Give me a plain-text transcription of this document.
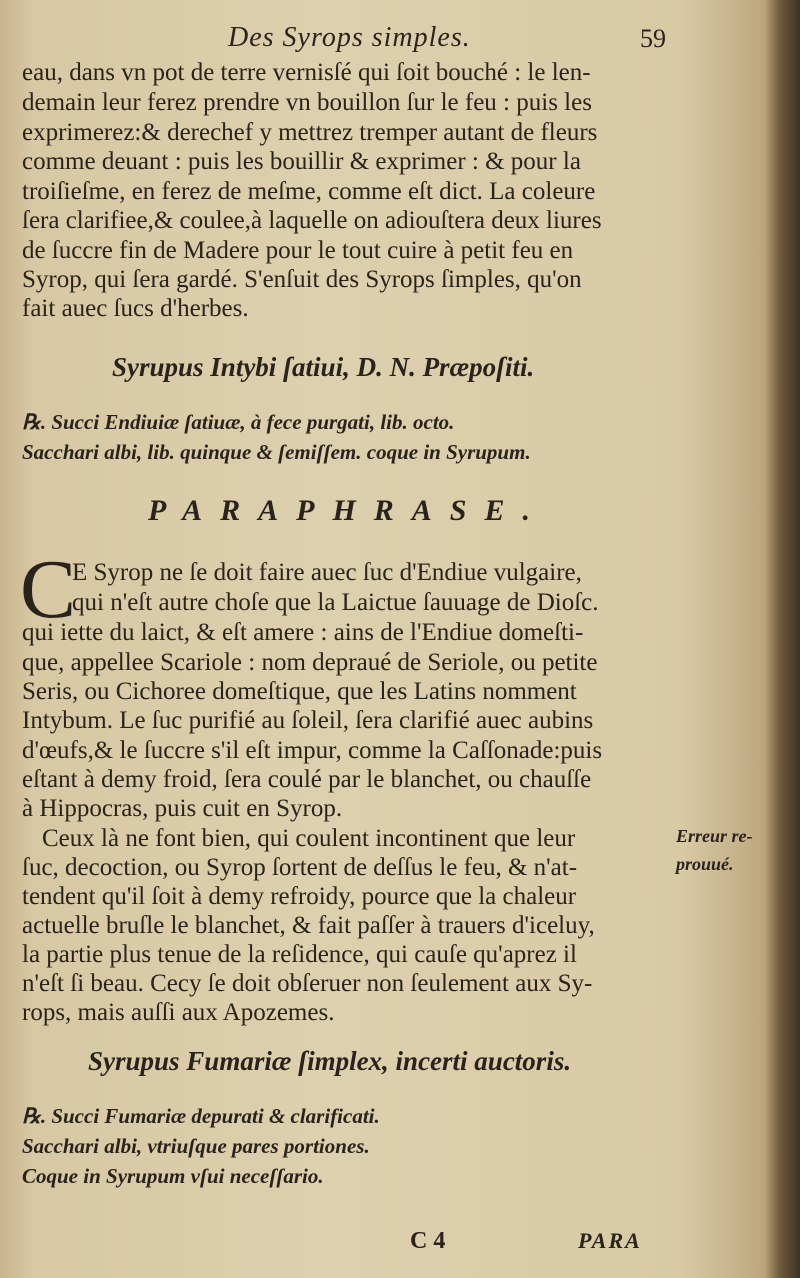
Des Syrops simples.	59
eau, dans vn pot de terre vernisſé qui ſoit bouché : le len-
demain leur ferez prendre vn bouillon ſur le feu : puis les
exprimerez:& derechef y mettrez tremper autant de fleurs
comme deuant : puis les bouillir & exprimer : & pour la
troiſieſme, en ferez de meſme, comme eſt dict. La coleure
ſera clarifiee,& coulee,à laquelle on adiouſtera deux liures
de ſuccre fin de Madere pour le tout cuire à petit feu en
Syrop, qui ſera gardé. S'enſuit des Syrops ſimples, qu'on
fait auec ſucs d'herbes.
Syrupus Intybi ſatiui, D. N. Præpoſiti.
℞. Succi Endiuiæ ſatiuæ, à fece purgati, lib. octo.
Sacchari albi, lib. quinque & ſemiſſem. coque in Syrupum.
PARAPHRASE.
C
E Syrop ne ſe doit faire auec ſuc d'Endiue vulgaire,
qui n'eſt autre choſe que la Laictue ſauuage de Dioſc.
qui iette du laict, & eſt amere : ains de l'Endiue domeſti-
que, appellee Scariole : nom depraué de Seriole, ou petite
Seris, ou Cichoree domeſtique, que les Latins nomment
Intybum. Le ſuc purifié au ſoleil, ſera clarifié auec aubins
d'œufs,& le ſuccre s'il eſt impur, comme la Caſſonade:puis
eſtant à demy froid, ſera coulé par le blanchet, ou chauſſe
à Hippocras, puis cuit en Syrop.
Ceux là ne font bien, qui coulent incontinent que leur
ſuc, decoction, ou Syrop ſortent de deſſus le feu, & n'at-
tendent qu'il ſoit à demy refroidy, pource que la chaleur
actuelle bruſle le blanchet, & fait paſſer à trauers d'iceluy,
la partie plus tenue de la reſidence, qui cauſe qu'aprez il
n'eſt ſi beau. Cecy ſe doit obſeruer non ſeulement aux Sy-
rops, mais auſſi aux Apozemes.
Erreur re-
prouué.
Syrupus Fumariæ ſimplex, incerti auctoris.
℞. Succi Fumariæ depurati & clarificati.
Sacchari albi, vtriuſque pares portiones.
Coque in Syrupum vſui neceſſario.
C 4	PARA
